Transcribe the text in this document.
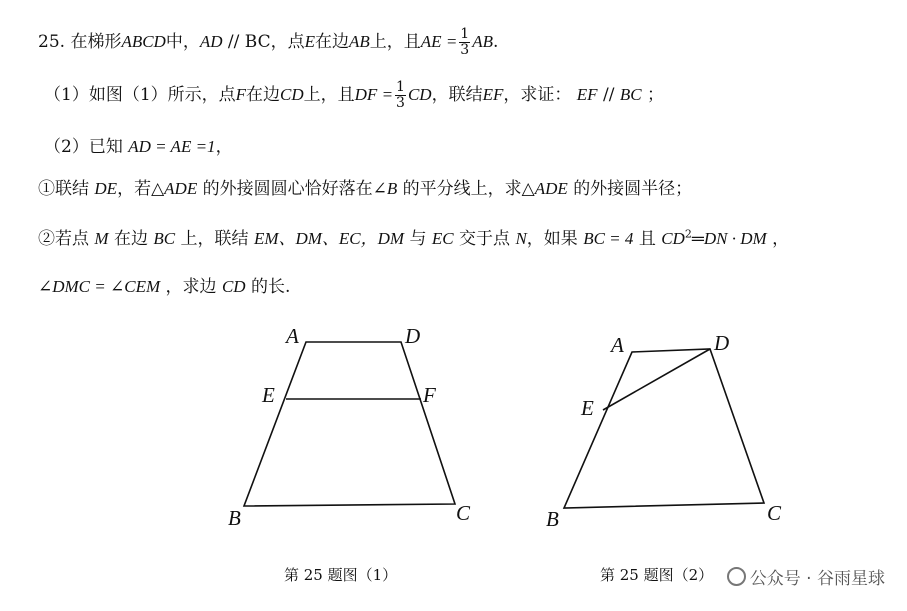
25. 在梯形ABCD中，AD // BC，点E在边AB上，且AE = $\frac{1}{3}$ AB.
（1）如图（1）所示，点F在边CD上，且DF = $\frac{1}{3}$ CD，联结EF，求证： EF // BC ；
（2）已知 AD = AE =1，
①联结 DE，若△ADE 的外接圆圆心恰好落在∠B 的平分线上，求△ADE 的外接圆半径；
②若点 M 在边 BC 上，联结 EM、DM、EC，DM 与 EC 交于点 N，如果 BC = 4 且 $CD^2═DN$ · DM ，
∠DMC = ∠CEM ，求边 CD 的长.
A	D
E	F
B	C
A	D
E
B	C
第 25 题图（1）	第 25 题图（2）	公众号 · 谷雨星球
